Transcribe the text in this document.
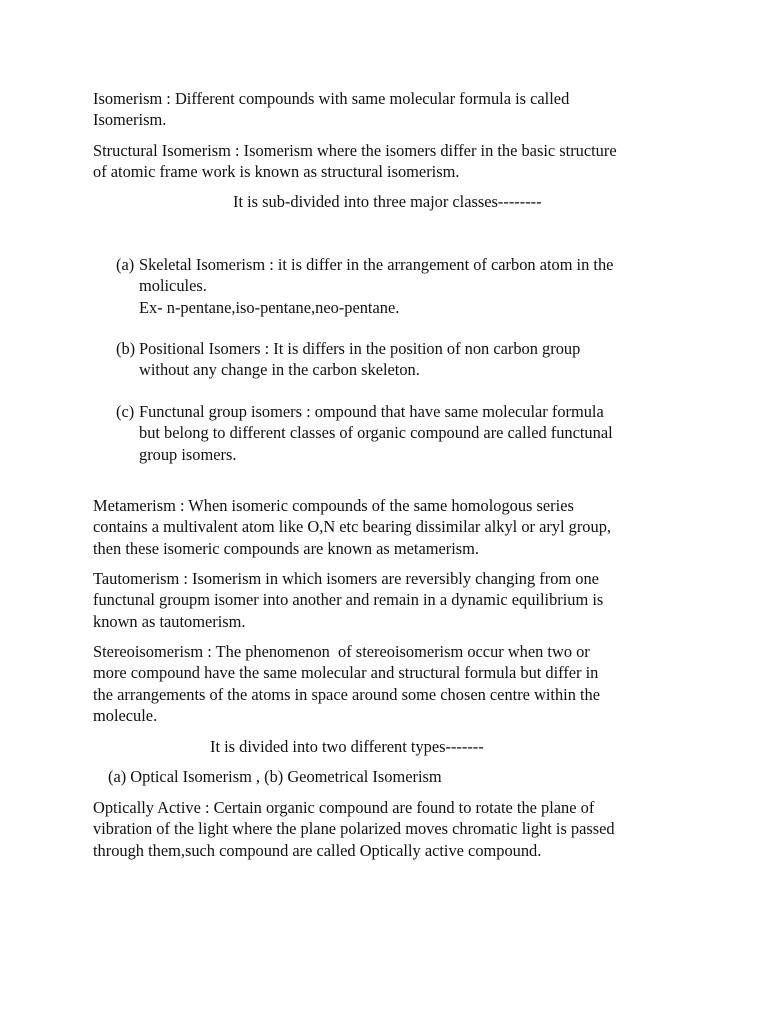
Isomerism : Different compounds with same molecular formula is called
Isomerism.
Structural Isomerism : Isomerism where the isomers differ in the basic structure
of atomic frame work is known as structural isomerism.
It is sub-divided into three major classes--------
(a) Skeletal Isomerism : it is differ in the arrangement of carbon atom in the
molicules.
Ex- n-pentane,iso-pentane,neo-pentane.
(b) Positional Isomers : It is differs in the position of non carbon group
without any change in the carbon skeleton.
(c) Functunal group isomers : ompound that have same molecular formula
but belong to different classes of organic compound are called functunal
group isomers.
Metamerism : When isomeric compounds of the same homologous series
contains a multivalent atom like O,N etc bearing dissimilar alkyl or aryl group,
then these isomeric compounds are known as metamerism.
Tautomerism : Isomerism in which isomers are reversibly changing from one
functunal groupm isomer into another and remain in a dynamic equilibrium is
known as tautomerism.
Stereoisomerism : The phenomenon  of stereoisomerism occur when two or
more compound have the same molecular and structural formula but differ in
the arrangements of the atoms in space around some chosen centre within the
molecule.
It is divided into two different types-------
(a) Optical Isomerism , (b) Geometrical Isomerism
Optically Active : Certain organic compound are found to rotate the plane of
vibration of the light where the plane polarized moves chromatic light is passed
through them,such compound are called Optically active compound.
